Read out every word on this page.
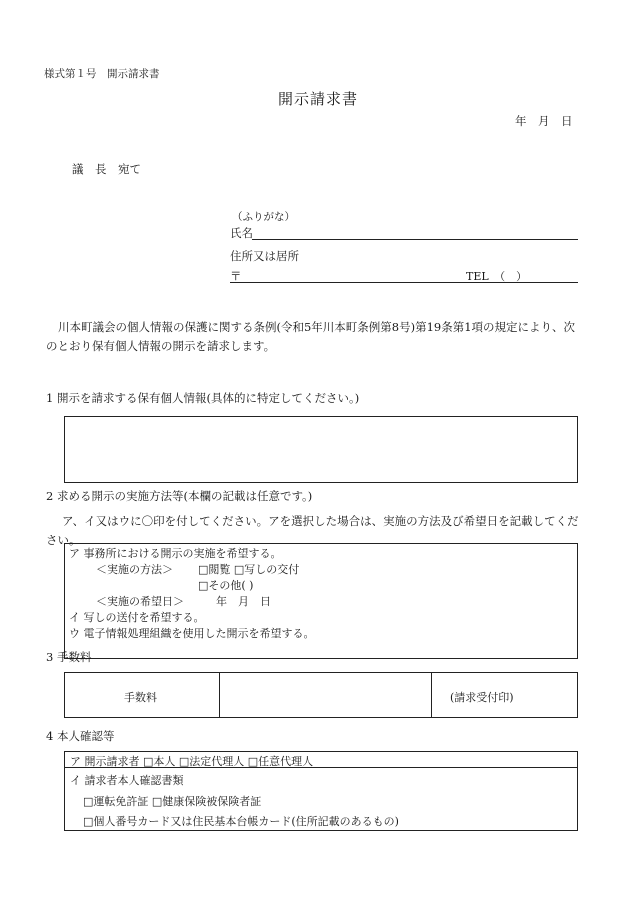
様式第１号　開示請求書
開示請求書
年　月　日
議　長　宛て
（ふりがな）
氏名
住所又は居所
〒	TEL　（　）
川本町議会の個人情報の保護に関する条例(令和5年川本町条例第8号)第19条第1項の規定により、次のとおり保有個人情報の開示を請求します。
1 開示を請求する保有個人情報(具体的に特定してください。)
2 求める開示の実施方法等(本欄の記載は任意です。)
ア、イ又はウに〇印を付してください。アを選択した場合は、実施の方法及び希望日を記載してください。
ア 事務所における開示の実施を希望する。
＜実施の方法＞ □閲覧 □写しの交付
□その他( )
＜実施の希望日＞	年　月　日
イ 写しの送付を希望する。
ウ 電子情報処理組織を使用した開示を希望する。
3 手数料
手数料	(請求受付印)
4 本人確認等
ア 開示請求者 □本人 □法定代理人 □任意代理人
イ 請求者本人確認書類
□運転免許証 □健康保険被保険者証
□個人番号カード又は住民基本台帳カード(住所記載のあるもの)
